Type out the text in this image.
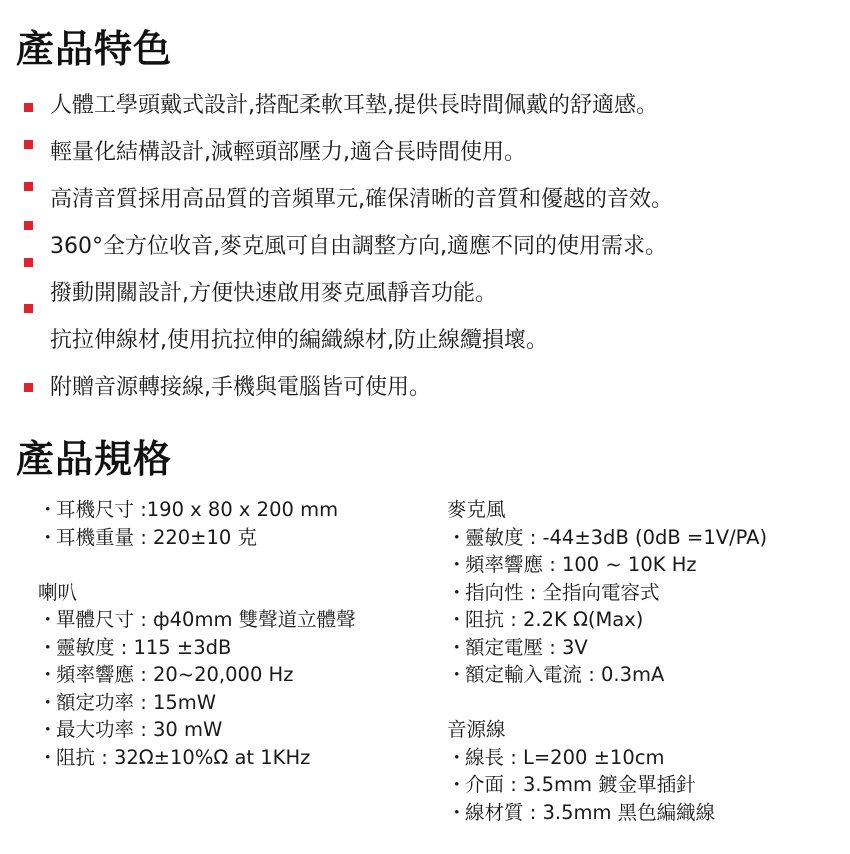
產品特色
人體工學頭戴式設計,搭配柔軟耳墊,提供長時間佩戴的舒適感。
輕量化結構設計,減輕頭部壓力,適合長時間使用。
高清音質採用高品質的音頻單元,確保清晰的音質和優越的音效。
360°全方位收音,麥克風可自由調整方向,適應不同的使用需求。
撥動開關設計,方便快速啟用麥克風靜音功能。
抗拉伸線材,使用抗拉伸的編織線材,防止線纜損壞。
附贈音源轉接線,手機與電腦皆可使用。
產品規格
・耳機尺寸 :190 x 80 x 200 mm
・耳機重量 : 220±10 克
喇叭
・單體尺寸 : ф40mm 雙聲道立體聲
・靈敏度 : 115 ±3dB
・頻率響應 : 20~20,000 Hz
・額定功率 : 15mW
・最大功率 : 30 mW
・阻抗 : 32Ω±10%Ω at 1KHz
麥克風
・靈敏度 : -44±3dB (0dB =1V/PA)
・頻率響應 : 100 ~ 10K Hz
・指向性 : 全指向電容式
・阻抗 : 2.2K Ω(Max)
・額定電壓 : 3V
・額定輸入電流 : 0.3mA
音源線
・線長 : L=200 ±10cm
・介面 : 3.5mm 鍍金單插針
・線材質 : 3.5mm 黑色編織線
